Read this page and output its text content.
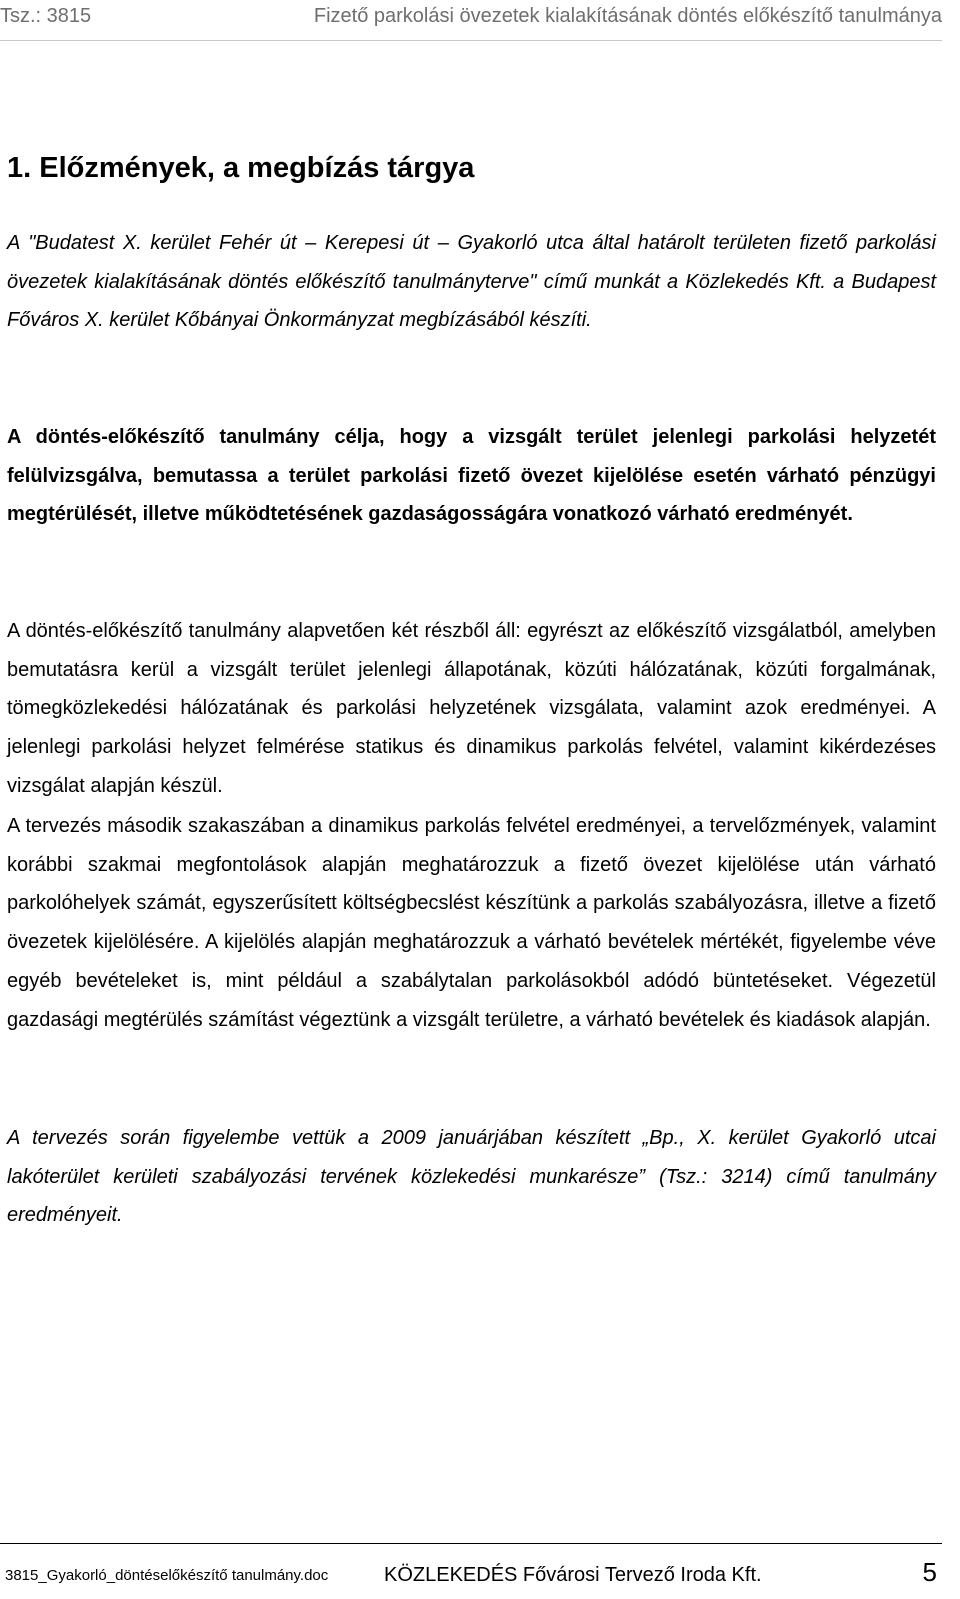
Tsz.: 3815	Fizető parkolási övezetek kialakításának döntés előkészítő tanulmánya
1. Előzmények, a megbízás tárgya

A "Budatest X. kerület Fehér út – Kerepesi út – Gyakorló utca által határolt területen fizető parkolási övezetek kialakításának döntés előkészítő tanulmányterve" című munkát a Közlekedés Kft. a Budapest Főváros X. kerület Kőbányai Önkormányzat megbízásából készíti.

A döntés-előkészítő tanulmány célja, hogy a vizsgált terület jelenlegi parkolási helyzetét felülvizsgálva, bemutassa a terület parkolási fizető övezet kijelölése esetén várható pénzügyi megtérülését, illetve működtetésének gazdaságosságára vonatkozó várható eredményét.

A döntés-előkészítő tanulmány alapvetően két részből áll: egyrészt az előkészítő vizsgálatból, amelyben bemutatásra kerül a vizsgált terület jelenlegi állapotának, közúti hálózatának, közúti forgalmának, tömegközlekedési hálózatának és parkolási helyzetének vizsgálata, valamint azok eredményei. A jelenlegi parkolási helyzet felmérése statikus és dinamikus parkolás felvétel, valamint kikérdezéses vizsgálat alapján készül.

A tervezés második szakaszában a dinamikus parkolás felvétel eredményei, a tervelőzmények, valamint korábbi szakmai megfontolások alapján meghatározzuk a fizető övezet kijelölése után várható parkolóhelyek számát, egyszerűsített költségbecslést készítünk a parkolás szabályozásra, illetve a fizető övezetek kijelölésére. A kijelölés alapján meghatározzuk a várható bevételek mértékét, figyelembe véve egyéb bevételeket is, mint például a szabálytalan parkolásokból adódó büntetéseket. Végezetül gazdasági megtérülés számítást végeztünk a vizsgált területre, a várható bevételek és kiadások alapján.

A tervezés során figyelembe vettük a 2009 januárjában készített „Bp., X. kerület Gyakorló utcai lakóterület kerületi szabályozási tervének közlekedési munkarésze” (Tsz.: 3214) című tanulmány eredményeit.

3815_Gyakorló_döntéselőkészítő tanulmány.doc	KÖZLEKEDÉS Fővárosi Tervező Iroda Kft.	5
